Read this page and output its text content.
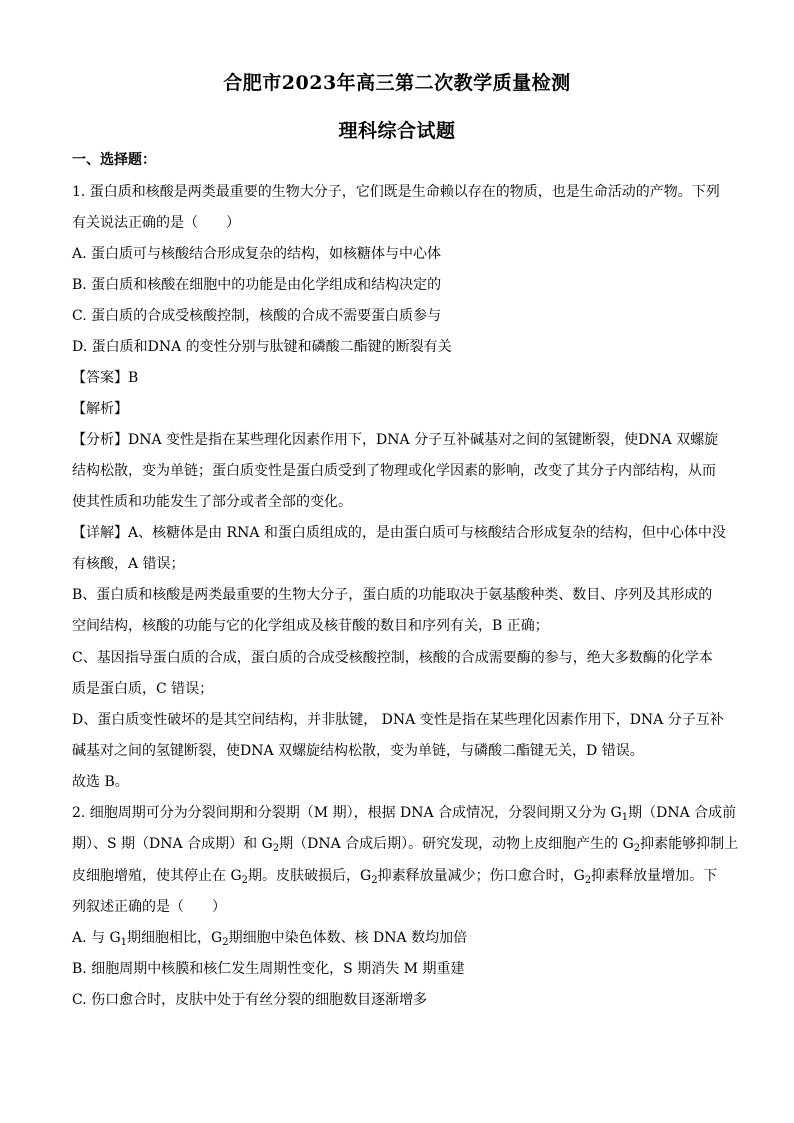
合肥市2023年高三第二次教学质量检测
理科综合试题
一、选择题：
1. 蛋白质和核酸是两类最重要的生物大分子，它们既是生命赖以存在的物质，也是生命活动的产物。下列
有关说法正确的是（　　）
A. 蛋白质可与核酸结合形成复杂的结构，如核糖体与中心体
B. 蛋白质和核酸在细胞中的功能是由化学组成和结构决定的
C. 蛋白质的合成受核酸控制，核酸的合成不需要蛋白质参与
D. 蛋白质和DNA 的变性分别与肽键和磷酸二酯键的断裂有关
【答案】B
【解析】
【分析】DNA 变性是指在某些理化因素作用下，DNA 分子互补碱基对之间的氢键断裂，使DNA 双螺旋
结构松散，变为单链；蛋白质变性是蛋白质受到了物理或化学因素的影响，改变了其分子内部结构，从而
使其性质和功能发生了部分或者全部的变化。
【详解】A、核糖体是由 RNA 和蛋白质组成的，是由蛋白质可与核酸结合形成复杂的结构，但中心体中没
有核酸，A 错误；
B、蛋白质和核酸是两类最重要的生物大分子，蛋白质的功能取决于氨基酸种类、数目、序列及其形成的
空间结构，核酸的功能与它的化学组成及核苷酸的数目和序列有关，B 正确；
C、基因指导蛋白质的合成，蛋白质的合成受核酸控制，核酸的合成需要酶的参与，绝大多数酶的化学本
质是蛋白质，C 错误；
D、蛋白质变性破坏的是其空间结构，并非肽键， DNA 变性是指在某些理化因素作用下，DNA 分子互补
碱基对之间的氢键断裂，使DNA 双螺旋结构松散，变为单链，与磷酸二酯键无关，D 错误。
故选 B。
2. 细胞周期可分为分裂间期和分裂期（M 期），根据 DNA 合成情况，分裂间期又分为 $G_1$期（DNA 合成前
期）、S 期（DNA 合成期）和 $G_2$期（DNA 合成后期）。研究发现，动物上皮细胞产生的 $G_2$抑素能够抑制上
皮细胞增殖，使其停止在 $G_2$期。皮肤破损后，$G_2$抑素释放量减少；伤口愈合时，$G_2$抑素释放量增加。下
列叙述正确的是（　　）
A. 与 $G_1$期细胞相比，$G_2$期细胞中染色体数、核 DNA 数均加倍
B. 细胞周期中核膜和核仁发生周期性变化，S 期消失 M 期重建
C. 伤口愈合时，皮肤中处于有丝分裂的细胞数目逐渐增多
